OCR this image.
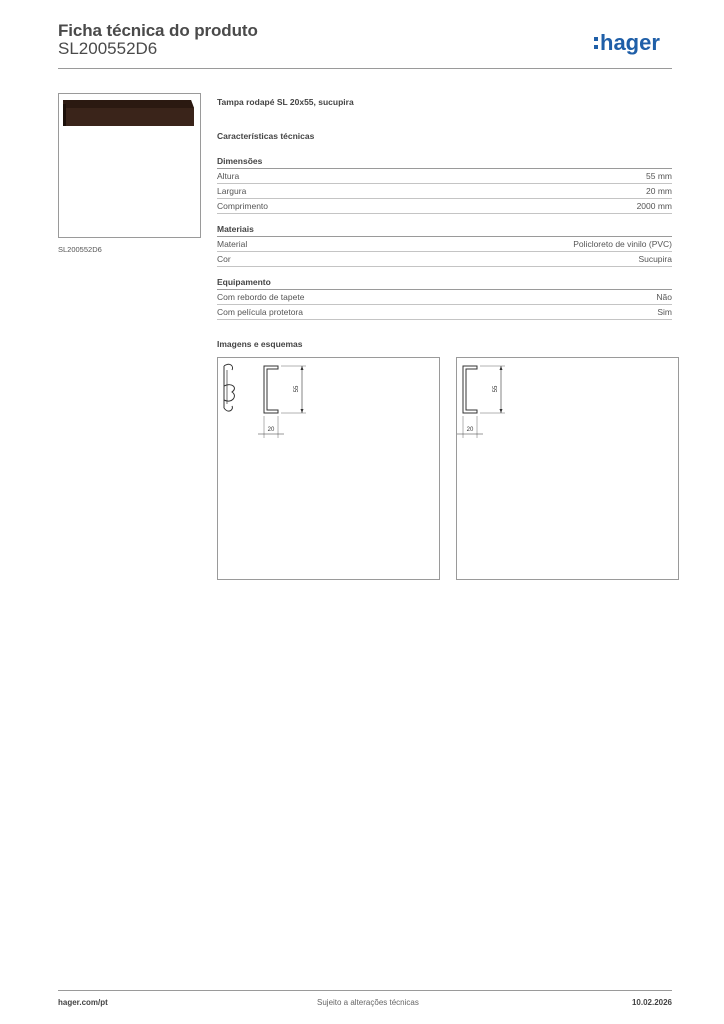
Ficha técnica do produto
SL200552D6	hager
SL200552D6
Tampa rodapé SL 20x55, sucupira
Características técnicas
Dimensões
Altura	55 mm
Largura	20 mm
Comprimento	2000 mm
Materiais
Material	Policloreto de vinilo (PVC)
Cor	Sucupira
Equipamento
Com rebordo de tapete	Não
Com película protetora	Sim
Imagens e esquemas
55
20
55
20
hager.com/pt	Sujeito a alterações técnicas	10.02.2026
